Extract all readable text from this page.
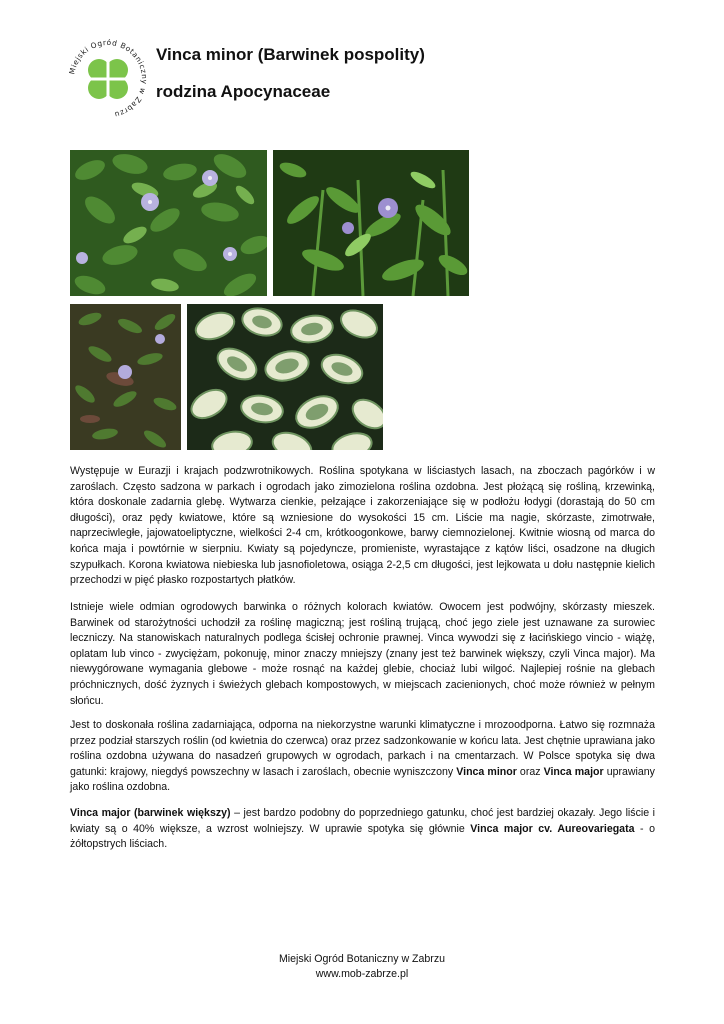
Miejski Ogród Botaniczny w Zabrzu
Vinca minor (Barwinek pospolity)
rodzina Apocynaceae

Występuje w Eurazji i krajach podzwrotnikowych. Roślina spotykana w liściastych lasach, na zboczach pagórków i w zaroślach. Często sadzona w parkach i ogrodach jako zimozielona roślina ozdobna. Jest płożącą się rośliną, krzewinką, która doskonale zadarnia glebę. Wytwarza cienkie, pełzające i zakorzeniające się w podłożu łodygi (dorastają do 50 cm długości), oraz pędy kwiatowe, które są wzniesione do wysokości 15 cm. Liście ma nagie, skórzaste, zimotrwałe, naprzeciwległe, jajowatoeliptyczne, wielkości 2-4 cm, krótkoogonkowe, barwy ciemnozielonej. Kwitnie wiosną od marca do końca maja i powtórnie w sierpniu. Kwiaty są pojedyncze, promieniste, wyrastające z kątów liści, osadzone na długich szypułkach. Korona kwiatowa niebieska lub jasnofioletowa, osiąga 2-2,5 cm długości, jest lejkowata u dołu następnie kielich przechodzi w pięć płasko rozpostartych płatków.

Istnieje wiele odmian ogrodowych barwinka o różnych kolorach kwiatów. Owocem jest podwójny, skórzasty mieszek. Barwinek od starożytności uchodził za roślinę magiczną; jest rośliną trującą, choć jego ziele jest uznawane za surowiec leczniczy. Na stanowiskach naturalnych podlega ścisłej ochronie prawnej. Vinca wywodzi się z łacińskiego vincio - wiążę, oplatam lub vinco - zwyciężam, pokonuję, minor znaczy mniejszy (znany jest też barwinek większy, czyli Vinca major). Ma niewygórowane wymagania glebowe - może rosnąć na każdej glebie, chociaż lubi wilgoć. Najlepiej rośnie na glebach próchnicznych, dość żyznych i świeżych glebach kompostowych, w miejscach zacienionych, choć może również w pełnym słońcu.

Jest to doskonała roślina zadarniająca, odporna na niekorzystne warunki klimatyczne i mrozoodporna. Łatwo się rozmnaża przez podział starszych roślin (od kwietnia do czerwca) oraz przez sadzonkowanie w końcu lata. Jest chętnie uprawiana jako roślina ozdobna używana do nasadzeń grupowych w ogrodach, parkach i na cmentarzach. W Polsce spotyka się dwa gatunki: krajowy, niegdyś powszechny w lasach i zaroślach, obecnie wyniszczony Vinca minor oraz Vinca major uprawiany jako roślina ozdobna.

Vinca major (barwinek większy) – jest bardzo podobny do poprzedniego gatunku, choć jest bardziej okazały. Jego liście i kwiaty są o 40% większe, a wzrost wolniejszy. W uprawie spotyka się głównie Vinca major cv. Aureovariegata - o żółtopstrych liściach.

Miejski Ogród Botaniczny w Zabrzu
www.mob-zabrze.pl
